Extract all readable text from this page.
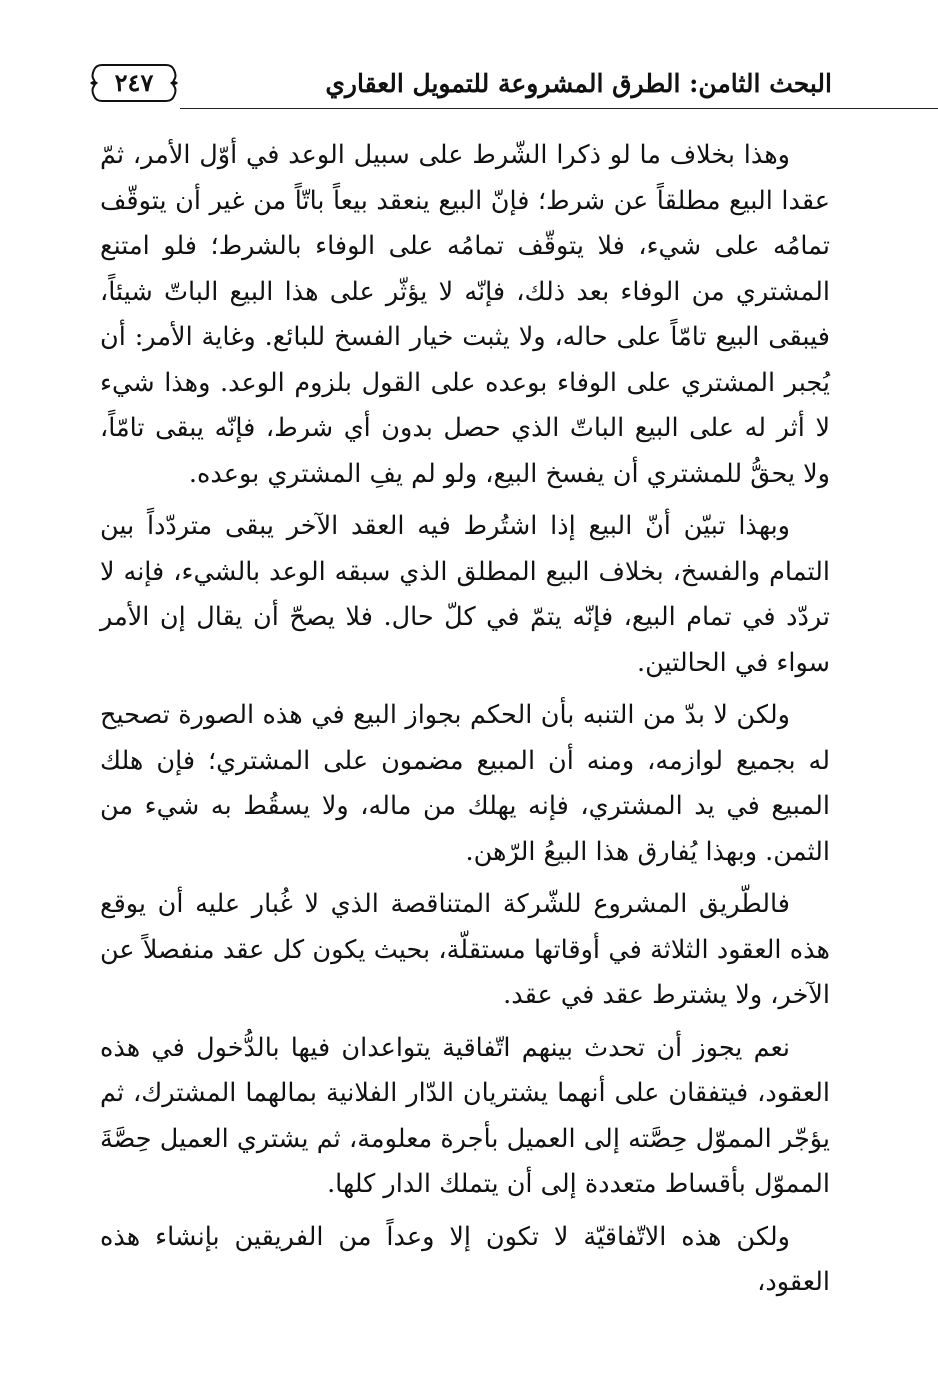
٢٤٧	البحث الثامن: الطرق المشروعة للتمويل العقاري

وهذا بخلاف ما لو ذكرا الشّرط على سبيل الوعد في أوّل الأمر، ثمّ عقدا البيع مطلقاً عن شرط؛ فإنّ البيع ينعقد بيعاً باتّاً من غير أن يتوقّف تمامُه على شيء، فلا يتوقّف تمامُه على الوفاء بالشرط؛ فلو امتنع المشتري من الوفاء بعد ذلك، فإنّه لا يؤثّر على هذا البيع الباتّ شيئاً، فيبقى البيع تامّاً على حاله، ولا يثبت خيار الفسخ للبائع. وغاية الأمر: أن يُجبر المشتري على الوفاء بوعده على القول بلزوم الوعد. وهذا شيء لا أثر له على البيع الباتّ الذي حصل بدون أي شرط، فإنّه يبقى تامّاً، ولا يحقُّ للمشتري أن يفسخ البيع، ولو لم يفِ المشتري بوعده.

وبهذا تبيّن أنّ البيع إذا اشتُرط فيه العقد الآخر يبقى متردّداً بين التمام والفسخ، بخلاف البيع المطلق الذي سبقه الوعد بالشيء، فإنه لا تردّد في تمام البيع، فإنّه يتمّ في كلّ حال. فلا يصحّ أن يقال إن الأمر سواء في الحالتين.

ولكن لا بدّ من التنبه بأن الحكم بجواز البيع في هذه الصورة تصحيح له بجميع لوازمه، ومنه أن المبيع مضمون على المشتري؛ فإن هلك المبيع في يد المشتري، فإنه يهلك من ماله، ولا يسقُط به شيء من الثمن. وبهذا يُفارق هذا البيعُ الرّهن.

فالطّريق المشروع للشّركة المتناقصة الذي لا غُبار عليه أن يوقع هذه العقود الثلاثة في أوقاتها مستقلّة، بحيث يكون كل عقد منفصلاً عن الآخر، ولا يشترط عقد في عقد.

نعم يجوز أن تحدث بينهم اتّفاقية يتواعدان فيها بالدُّخول في هذه العقود، فيتفقان على أنهما يشتريان الدّار الفلانية بمالهما المشترك، ثم يؤجّر المموّل حِصَّته إلى العميل بأجرة معلومة، ثم يشتري العميل حِصَّةَ المموّل بأقساط متعددة إلى أن يتملك الدار كلها.

ولكن هذه الاتّفاقيّة لا تكون إلا وعداً من الفريقين بإنشاء هذه العقود،
